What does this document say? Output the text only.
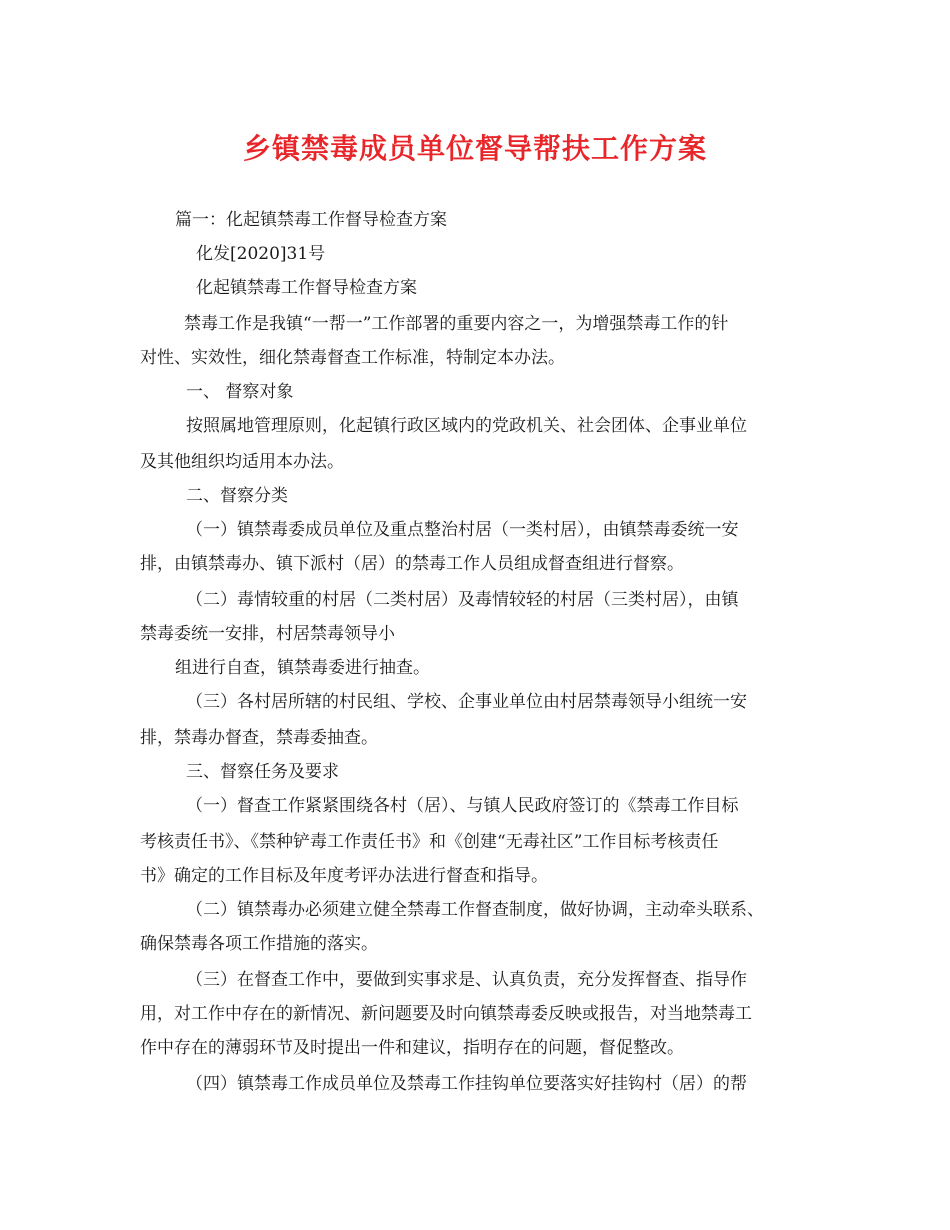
乡镇禁毒成员单位督导帮扶工作方案

篇一：化起镇禁毒工作督导检查方案

化发[2020]31号

化起镇禁毒工作督导检查方案

禁毒工作是我镇“一帮一”工作部署的重要内容之一，为增强禁毒工作的针

对性、实效性，细化禁毒督查工作标准，特制定本办法。

一、 督察对象

按照属地管理原则，化起镇行政区域内的党政机关、社会团体、企事业单位

及其他组织均适用本办法。

二、督察分类

（一）镇禁毒委成员单位及重点整治村居（一类村居），由镇禁毒委统一安

排，由镇禁毒办、镇下派村（居）的禁毒工作人员组成督查组进行督察。

（二）毒情较重的村居（二类村居）及毒情较轻的村居（三类村居），由镇

禁毒委统一安排，村居禁毒领导小

组进行自查，镇禁毒委进行抽查。

（三）各村居所辖的村民组、学校、企事业单位由村居禁毒领导小组统一安

排，禁毒办督查，禁毒委抽查。

三、督察任务及要求

（一）督查工作紧紧围绕各村（居）、与镇人民政府签订的《禁毒工作目标

考核责任书》、《禁种铲毒工作责任书》和《创建“无毒社区”工作目标考核责任

书》确定的工作目标及年度考评办法进行督查和指导。

（二）镇禁毒办必须建立健全禁毒工作督查制度，做好协调，主动牵头联系、

确保禁毒各项工作措施的落实。

（三）在督查工作中，要做到实事求是、认真负责，充分发挥督查、指导作

用，对工作中存在的新情况、新问题要及时向镇禁毒委反映或报告，对当地禁毒工

作中存在的薄弱环节及时提出一件和建议，指明存在的问题，督促整改。

（四）镇禁毒工作成员单位及禁毒工作挂钩单位要落实好挂钩村（居）的帮
